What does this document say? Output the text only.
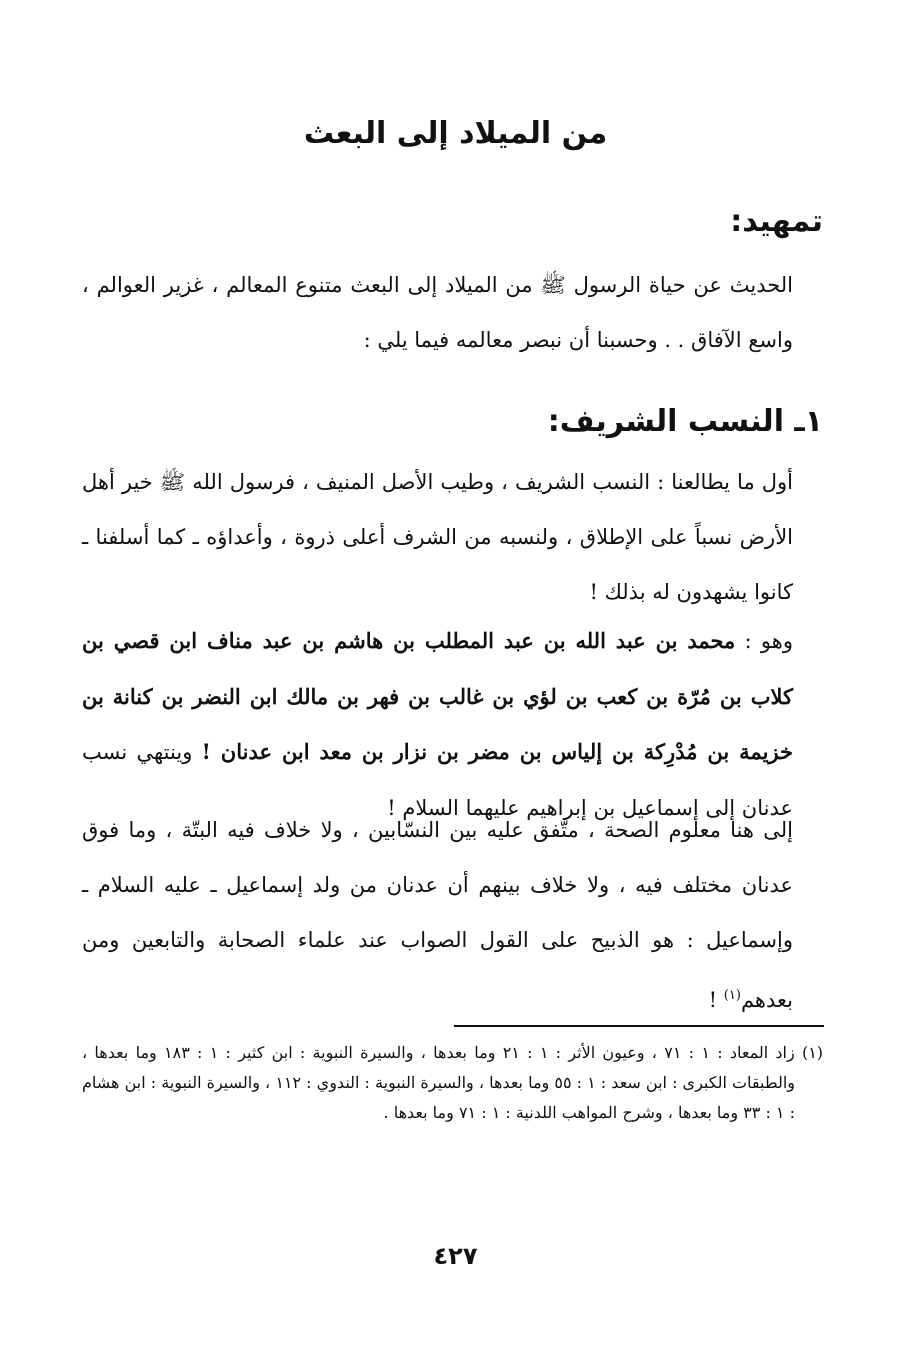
من الميلاد إلى البعث
تمهيد:

الحديث عن حياة الرسول ﷺ من الميلاد إلى البعث متنوع المعالم ، غزير العوالم ، واسع الآفاق . . وحسبنا أن نبصر معالمه فيما يلي :

١ـ النسب الشريف:

أول ما يطالعنا : النسب الشريف ، وطيب الأصل المنيف ، فرسول الله ﷺ خير أهل الأرض نسباً على الإطلاق ، ولنسبه من الشرف أعلى ذروة ، وأعداؤه ـ كما أسلفنا ـ كانوا يشهدون له بذلك !

وهو : محمد بن عبد الله بن عبد المطلب بن هاشم بن عبد مناف ابن قصي بن كلاب بن مُرّة بن كعب بن لؤي بن غالب بن فهر بن مالك ابن النضر بن كنانة بن خزيمة بن مُدْرِكة بن إلياس بن مضر بن نزار بن معد ابن عدنان ! وينتهي نسب عدنان إلى إسماعيل بن إبراهيم عليهما السلام !

إلى هنا معلوم الصحة ، متّفق عليه بين النسّابين ، ولا خلاف فيه البتّة ، وما فوق عدنان مختلف فيه ، ولا خلاف بينهم أن عدنان من ولد إسماعيل ـ عليه السلام ـ وإسماعيل : هو الذبيح على القول الصواب عند علماء الصحابة والتابعين ومن بعدهم$^{(١)}$ !

(١) زاد المعاد : ١ : ٧١ ، وعيون الأثر : ١ : ٢١ وما بعدها ، والسيرة النبوية : ابن كثير : ١ : ١٨٣ وما بعدها ، والطبقات الكبرى : ابن سعد : ١ : ٥٥ وما بعدها ، والسيرة النبوية : الندوي : ١١٢ ، والسيرة النبوية : ابن هشام : ١ : ٣٣ وما بعدها ، وشرح المواهب اللدنية : ١ : ٧١ وما بعدها .

٤٢٧
